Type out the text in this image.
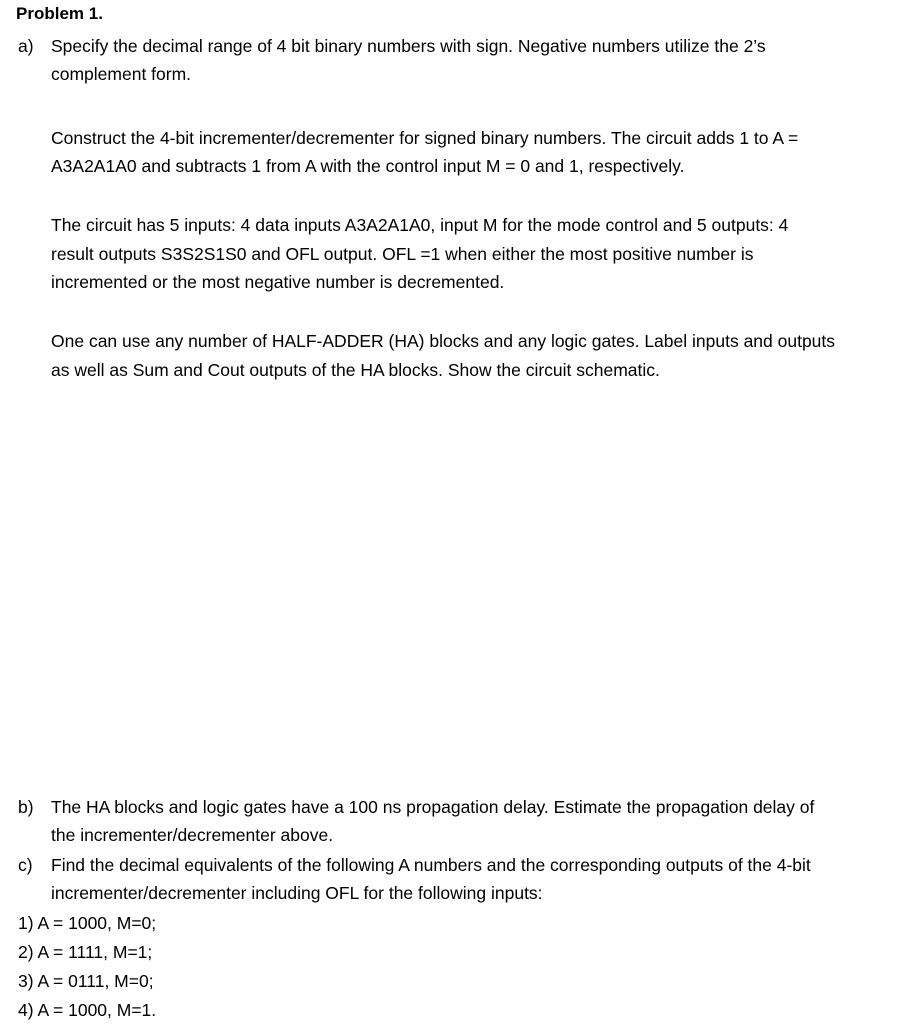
Problem 1.
a) Specify the decimal range of 4 bit binary numbers with sign. Negative numbers utilize the 2’s
complement form.
Construct the 4-bit incrementer/decrementer for signed binary numbers. The circuit adds 1 to A =
A3A2A1A0 and subtracts 1 from A with the control input M = 0 and 1, respectively.
The circuit has 5 inputs: 4 data inputs A3A2A1A0, input M for the mode control and 5 outputs: 4
result outputs S3S2S1S0 and OFL output. OFL =1 when either the most positive number is
incremented or the most negative number is decremented.
One can use any number of HALF-ADDER (HA) blocks and any logic gates. Label inputs and outputs
as well as Sum and Cout outputs of the HA blocks. Show the circuit schematic.
b) The HA blocks and logic gates have a 100 ns propagation delay. Estimate the propagation delay of
the incrementer/decrementer above.
c) Find the decimal equivalents of the following A numbers and the corresponding outputs of the 4-bit
incrementer/decrementer including OFL for the following inputs:
1) A = 1000, M=0;
2) A = 1111, M=1;
3) A = 0111, M=0;
4) A = 1000, M=1.
